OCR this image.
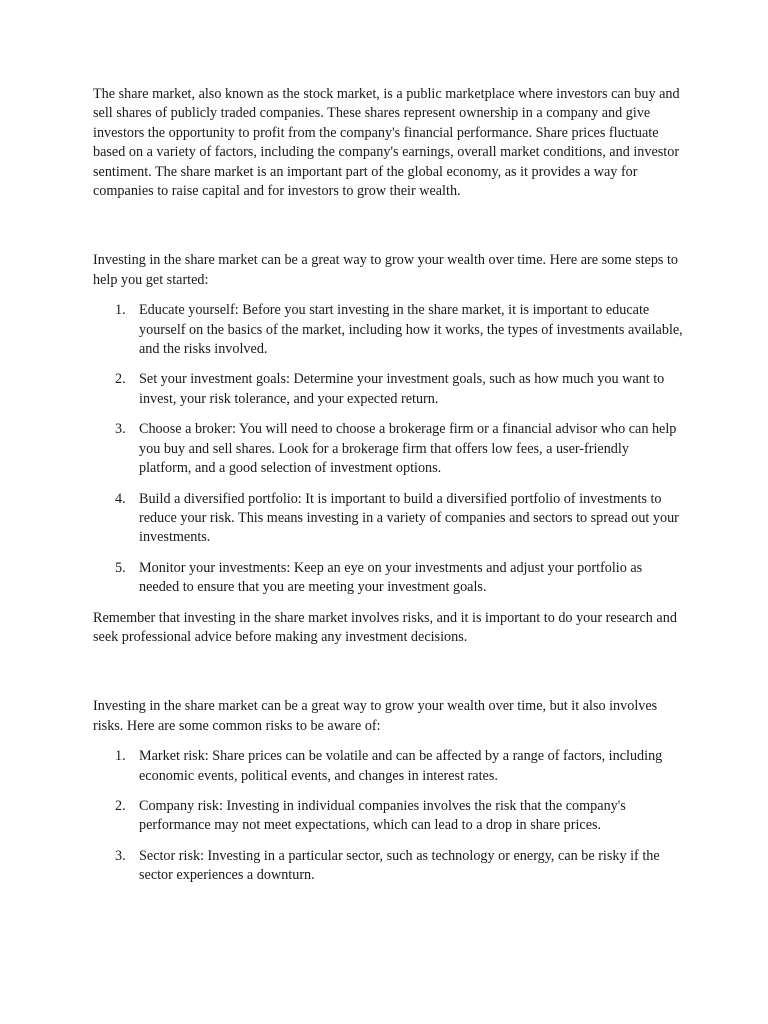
The share market, also known as the stock market, is a public marketplace where investors can buy and sell shares of publicly traded companies. These shares represent ownership in a company and give investors the opportunity to profit from the company's financial performance. Share prices fluctuate based on a variety of factors, including the company's earnings, overall market conditions, and investor sentiment. The share market is an important part of the global economy, as it provides a way for companies to raise capital and for investors to grow their wealth.

Investing in the share market can be a great way to grow your wealth over time. Here are some steps to help you get started:

1. Educate yourself: Before you start investing in the share market, it is important to educate yourself on the basics of the market, including how it works, the types of investments available, and the risks involved.
2. Set your investment goals: Determine your investment goals, such as how much you want to invest, your risk tolerance, and your expected return.
3. Choose a broker: You will need to choose a brokerage firm or a financial advisor who can help you buy and sell shares. Look for a brokerage firm that offers low fees, a user-friendly platform, and a good selection of investment options.
4. Build a diversified portfolio: It is important to build a diversified portfolio of investments to reduce your risk. This means investing in a variety of companies and sectors to spread out your investments.
5. Monitor your investments: Keep an eye on your investments and adjust your portfolio as needed to ensure that you are meeting your investment goals.

Remember that investing in the share market involves risks, and it is important to do your research and seek professional advice before making any investment decisions.

Investing in the share market can be a great way to grow your wealth over time, but it also involves risks. Here are some common risks to be aware of:

1. Market risk: Share prices can be volatile and can be affected by a range of factors, including economic events, political events, and changes in interest rates.
2. Company risk: Investing in individual companies involves the risk that the company's performance may not meet expectations, which can lead to a drop in share prices.
3. Sector risk: Investing in a particular sector, such as technology or energy, can be risky if the sector experiences a downturn.
